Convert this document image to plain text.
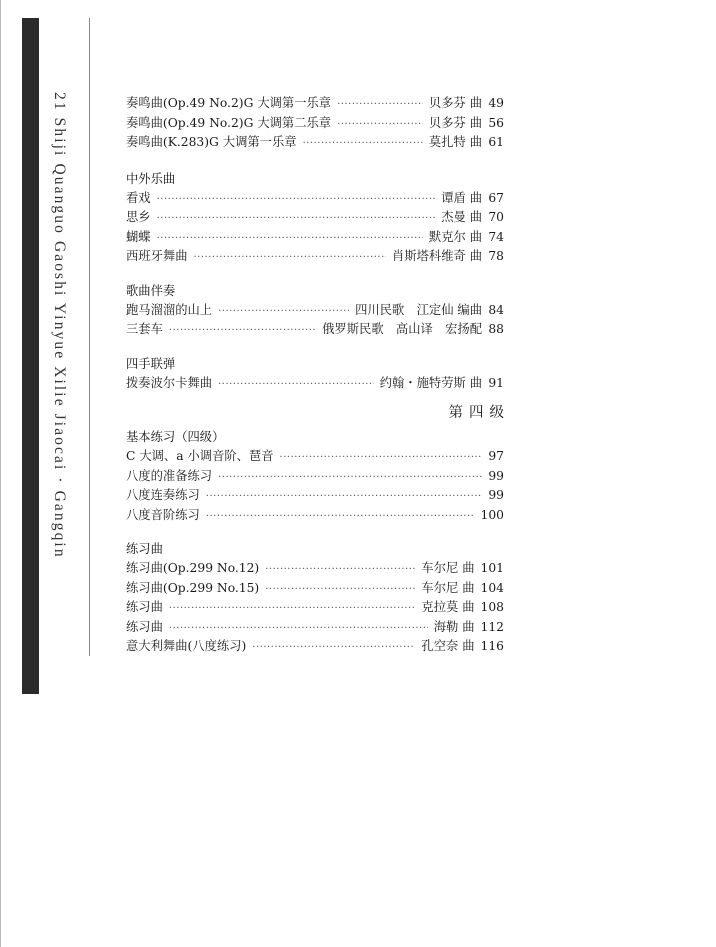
21 Shiji Quanguo Gaoshi Yinyue Xilie Jiaocai · Gangqin	奏鸣曲(Op.49 No.2)G 大调第一乐章 ·····	贝多芬 曲 49
奏鸣曲(Op.49 No.2)G 大调第二乐章 ·····	贝多芬 曲 56
奏鸣曲(K.283)G 大调第一乐章 ·····	莫扎特 曲 61
中外乐曲
看戏 ·····	谭盾 曲 67
思乡 ·····	杰曼 曲 70
蝴蝶 ·····	默克尔 曲 74
西班牙舞曲 ·····	肖斯塔科维奇 曲 78
歌曲伴奏
跑马溜溜的山上 ·····	四川民歌　江定仙 编曲 84
三套车 ·····	俄罗斯民歌　高山译　宏扬配 88
四手联弹
拨奏波尔卡舞曲 ·····	约翰・施特劳斯 曲 91
第四级
基本练习（四级）
C 大调、a 小调音阶、琶音 ·····	97
八度的准备练习 ·····	99
八度连奏练习 ·····	99
八度音阶练习 ·····	100
练习曲
练习曲(Op.299 No.12) ·····	车尔尼 曲 101
练习曲(Op.299 No.15) ·····	车尔尼 曲 104
练习曲 ·····	克拉莫 曲 108
练习曲 ·····	海勒 曲 112
意大利舞曲(八度练习) ·····	孔空奈 曲 116
